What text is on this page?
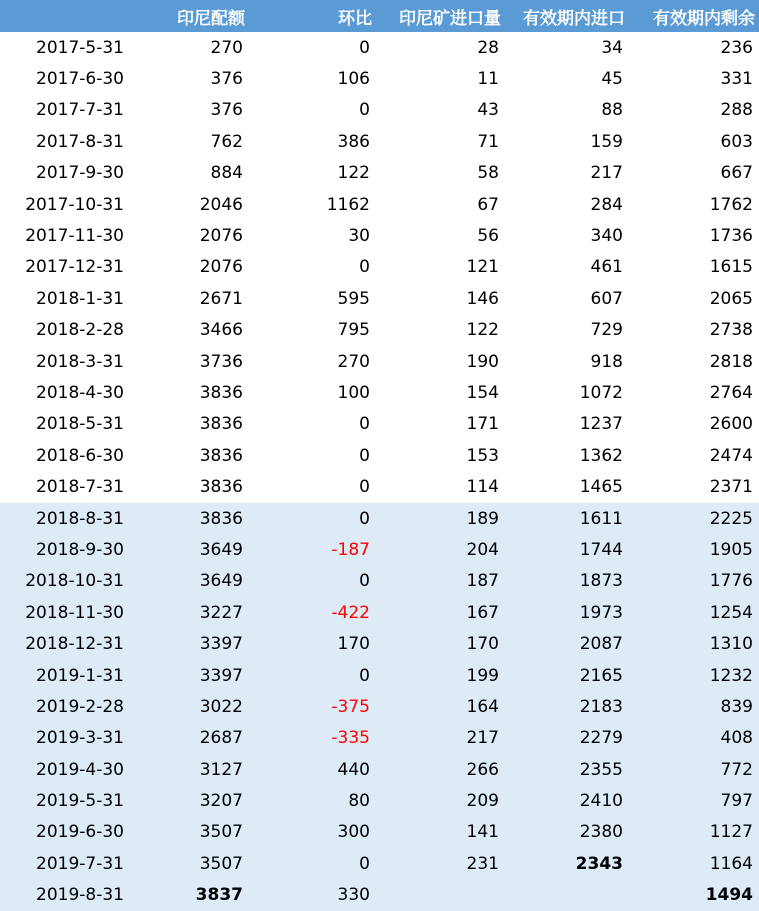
	印尼配额	环比	印尼矿进口量	有效期内进口	有效期内剩余
2017-5-31	270	0	28	34	236
2017-6-30	376	106	11	45	331
2017-7-31	376	0	43	88	288
2017-8-31	762	386	71	159	603
2017-9-30	884	122	58	217	667
2017-10-31	2046	1162	67	284	1762
2017-11-30	2076	30	56	340	1736
2017-12-31	2076	0	121	461	1615
2018-1-31	2671	595	146	607	2065
2018-2-28	3466	795	122	729	2738
2018-3-31	3736	270	190	918	2818
2018-4-30	3836	100	154	1072	2764
2018-5-31	3836	0	171	1237	2600
2018-6-30	3836	0	153	1362	2474
2018-7-31	3836	0	114	1465	2371
2018-8-31	3836	0	189	1611	2225
2018-9-30	3649	-187	204	1744	1905
2018-10-31	3649	0	187	1873	1776
2018-11-30	3227	-422	167	1973	1254
2018-12-31	3397	170	170	2087	1310
2019-1-31	3397	0	199	2165	1232
2019-2-28	3022	-375	164	2183	839
2019-3-31	2687	-335	217	2279	408
2019-4-30	3127	440	266	2355	772
2019-5-31	3207	80	209	2410	797
2019-6-30	3507	300	141	2380	1127
2019-7-31	3507	0	231	2343	1164
2019-8-31	3837	330			1494
